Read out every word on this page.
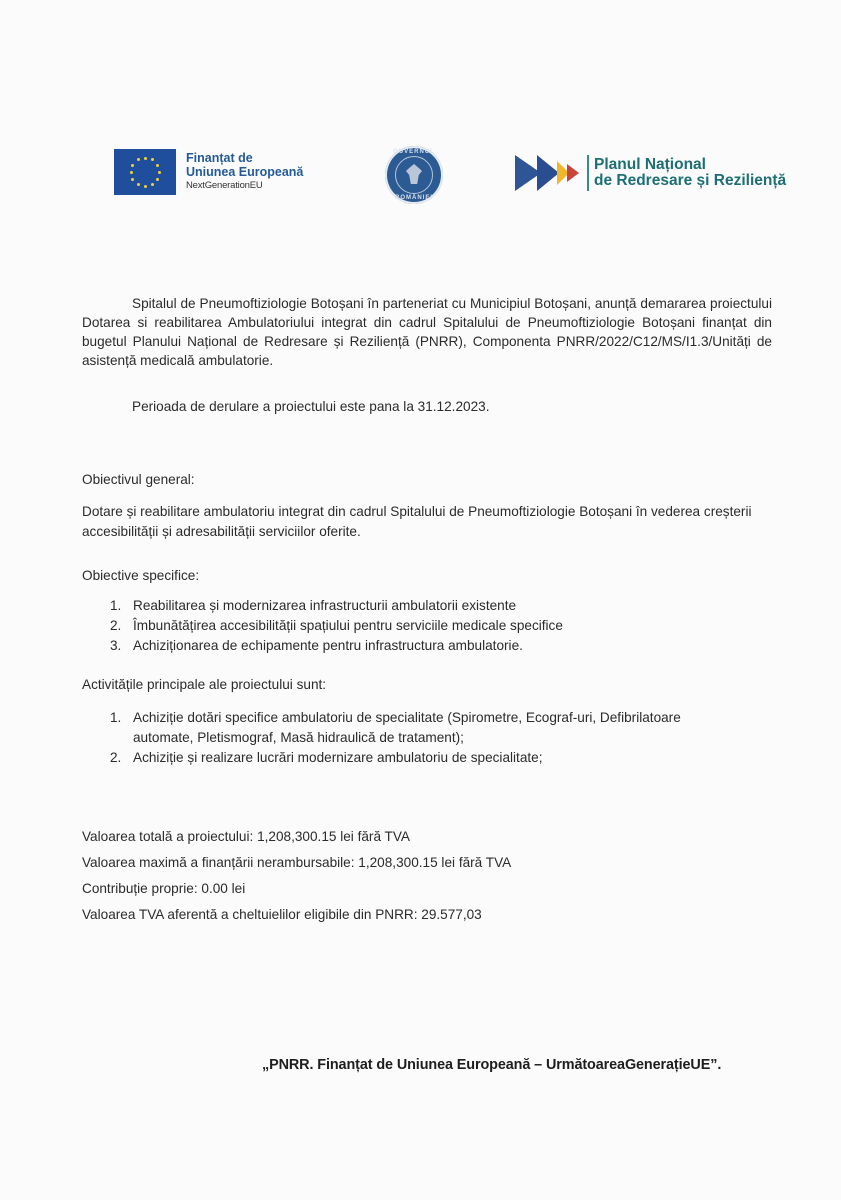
Finanțat de
Uniunea Europeană
NextGenerationEU
GUVERNUL
ROMÂNIEI
Planul Național
de Redresare și Reziliență
Spitalul de Pneumoftiziologie Botoșani în parteneriat cu Municipiul Botoșani, anunță demararea proiectului Dotarea si reabilitarea Ambulatoriului integrat din cadrul Spitalului de Pneumoftiziologie Botoșani finanțat din bugetul Planului Național de Redresare și Reziliență (PNRR), Componenta PNRR/2022/C12/MS/I1.3/Unități de asistență medicală ambulatorie.
Perioada de derulare a proiectului este pana la 31.12.2023.
Obiectivul general:
Dotare și reabilitare ambulatoriu integrat din cadrul Spitalului de Pneumoftiziologie Botoșani în vederea creșterii accesibilității și adresabilității serviciilor oferite.
Obiective specifice:
1. Reabilitarea și modernizarea infrastructurii ambulatorii existente
2. Îmbunătățirea accesibilității spațiului pentru serviciile medicale specifice
3. Achiziționarea de echipamente pentru infrastructura ambulatorie.
Activitățile principale ale proiectului sunt:
1. Achiziție dotări specifice ambulatoriu de specialitate (Spirometre, Ecograf-uri, Defibrilatoare automate, Pletismograf, Masă hidraulică de tratament);
2. Achiziție și realizare lucrări modernizare ambulatoriu de specialitate;
Valoarea totală a proiectului: 1,208,300.15 lei fără TVA
Valoarea maximă a finanțării nerambursabile: 1,208,300.15 lei fără TVA
Contribuție proprie: 0.00 lei
Valoarea TVA aferentă a cheltuielilor eligibile din PNRR: 29.577,03
„PNRR. Finanțat de Uniunea Europeană – UrmătoareaGenerațieUE”.
